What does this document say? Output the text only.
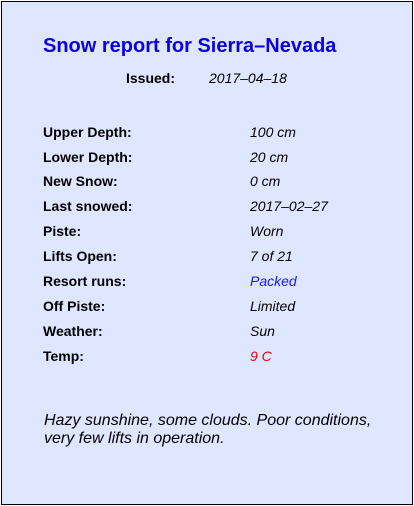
Snow report for Sierra–Nevada
Issued: 2017–04–18
Upper Depth:	100 cm
Lower Depth:	20 cm
New Snow:	0 cm
Last snowed:	2017–02–27
Piste:	Worn
Lifts Open:	7 of 21
Resort runs:	Packed
Off Piste:	Limited
Weather:	Sun
Temp:	9 C
Hazy sunshine, some clouds. Poor conditions, very few lifts in operation.
